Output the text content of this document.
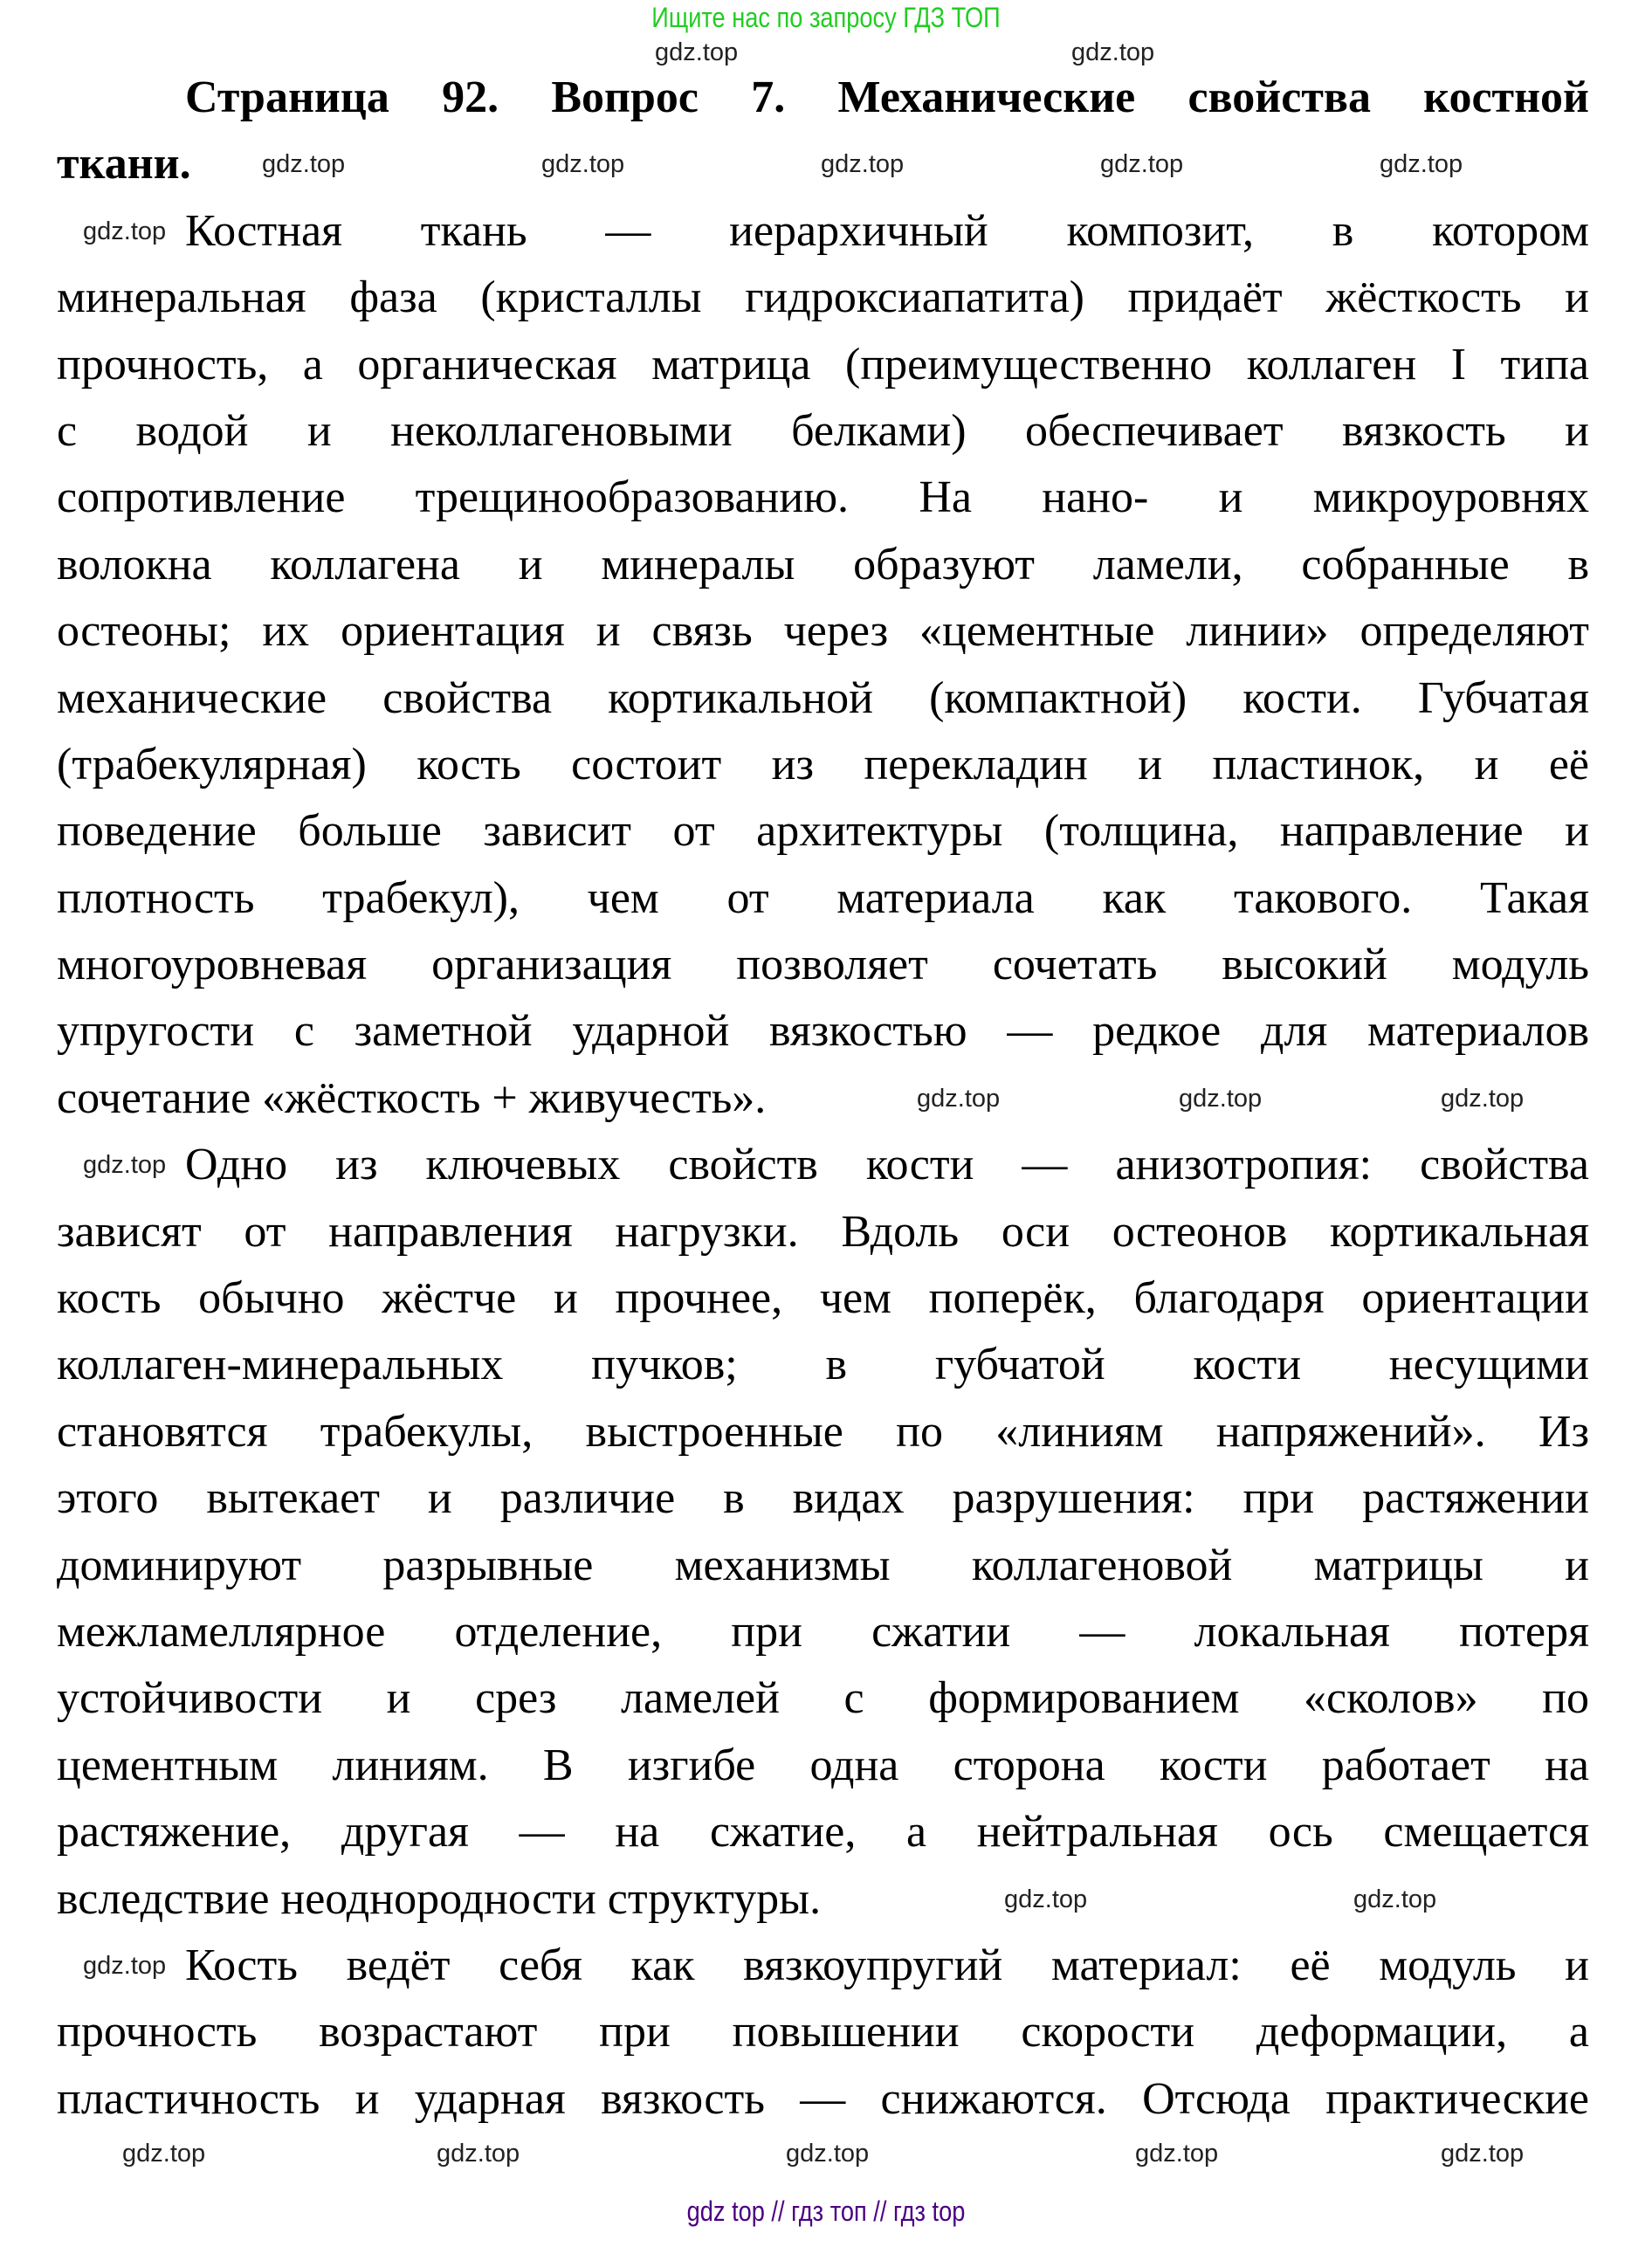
Ищите нас по запросу ГДЗ ТОП
Страница 92. Вопрос 7. Механические свойства костной
ткани.
Костная ткань — иерархичный композит, в котором
минеральная фаза (кристаллы гидроксиапатита) придаёт жёсткость и
прочность, а органическая матрица (преимущественно коллаген I типа
с водой и неколлагеновыми белками) обеспечивает вязкость и
сопротивление трещинообразованию. На нано- и микроуровнях
волокна коллагена и минералы образуют ламели, собранные в
остеоны; их ориентация и связь через «цементные линии» определяют
механические свойства кортикальной (компактной) кости. Губчатая
(трабекулярная) кость состоит из перекладин и пластинок, и её
поведение больше зависит от архитектуры (толщина, направление и
плотность трабекул), чем от материала как такового. Такая
многоуровневая организация позволяет сочетать высокий модуль
упругости с заметной ударной вязкостью — редкое для материалов
сочетание «жёсткость + живучесть».
Одно из ключевых свойств кости — анизотропия: свойства
зависят от направления нагрузки. Вдоль оси остеонов кортикальная
кость обычно жёстче и прочнее, чем поперёк, благодаря ориентации
коллаген-минеральных пучков; в губчатой кости несущими
становятся трабекулы, выстроенные по «линиям напряжений». Из
этого вытекает и различие в видах разрушения: при растяжении
доминируют разрывные механизмы коллагеновой матрицы и
межламеллярное отделение, при сжатии — локальная потеря
устойчивости и срез ламелей с формированием «сколов» по
цементным линиям. В изгибе одна сторона кости работает на
растяжение, другая — на сжатие, а нейтральная ось смещается
вследствие неоднородности структуры.
Кость ведёт себя как вязкоупругий материал: её модуль и
прочность возрастают при повышении скорости деформации, а
пластичность и ударная вязкость — снижаются. Отсюда практические
gdz.top	gdz.top
gdz.top	gdz.top	gdz.top	gdz.top	gdz.top
gdz.top
gdz.top	gdz.top	gdz.top
gdz.top
gdz.top	gdz.top
gdz.top
gdz.top	gdz.top	gdz.top	gdz.top	gdz.top
gdz top // гдз топ // гдз top
